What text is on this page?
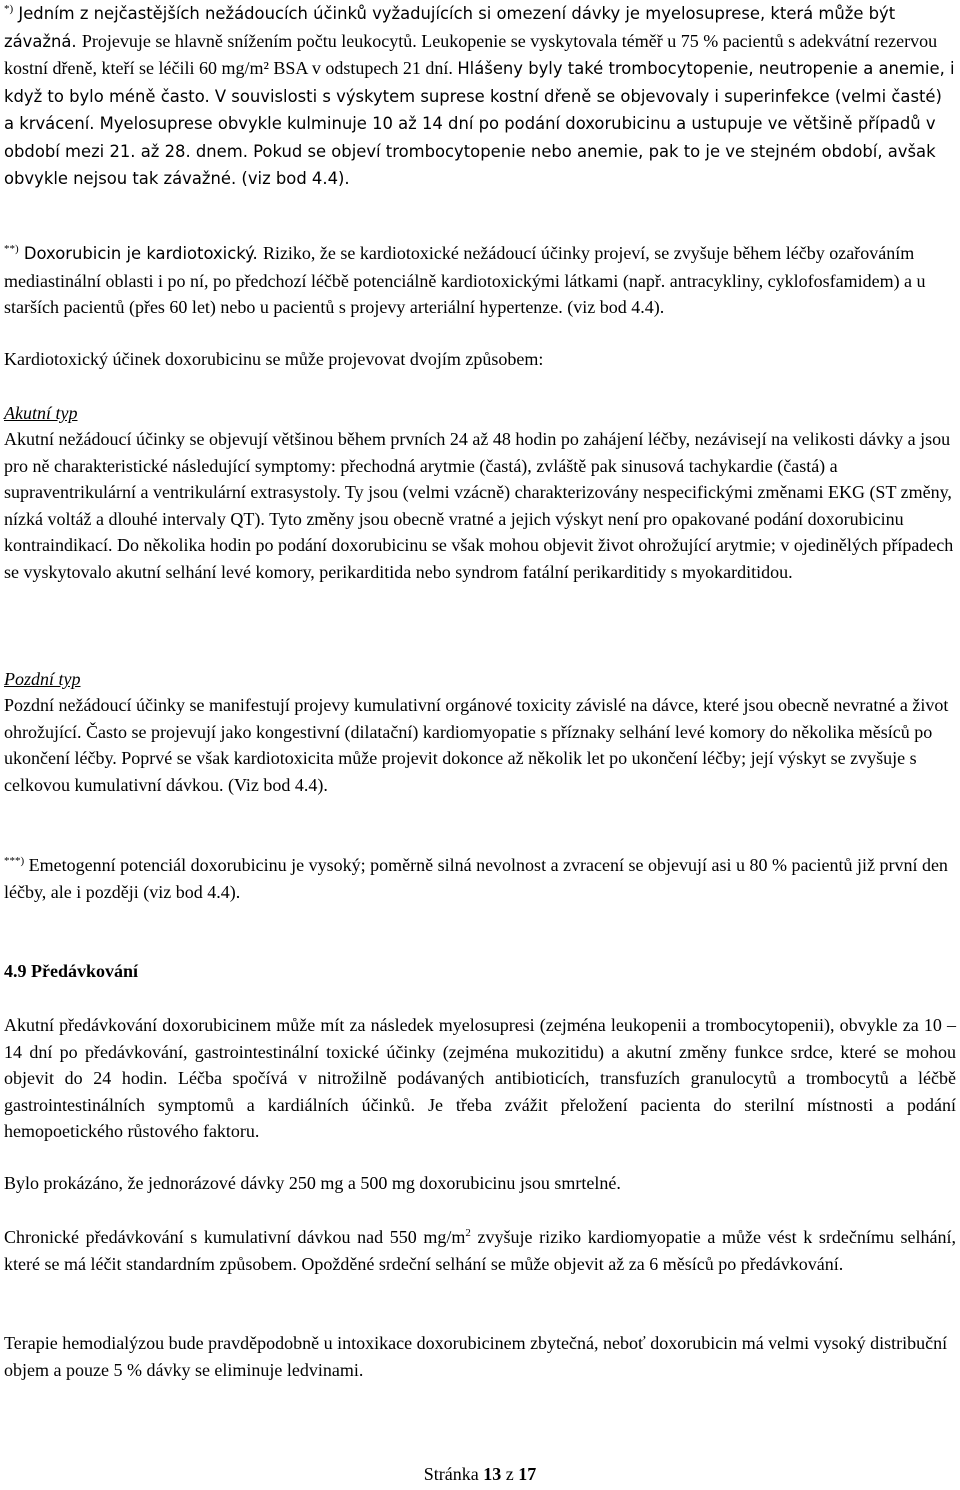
*) Jedním z nejčastějších nežádoucích účinků vyžadujících si omezení dávky je myelosuprese, která může být závažná. Projevuje se hlavně snížením počtu leukocytů. Leukopenie se vyskytovala téměř u 75 % pacientů s adekvátní rezervou kostní dřeně, kteří se léčili 60 mg/m² BSA v odstupech 21 dní. Hlášeny byly také trombocytopenie, neutropenie a anemie, i když to bylo méně často. V souvislosti s výskytem suprese kostní dřeně se objevovaly i superinfekce (velmi časté) a krvácení. Myelosuprese obvykle kulminuje 10 až 14 dní po podání doxorubicinu a ustupuje ve většině případů v období mezi 21. až 28. dnem. Pokud se objeví trombocytopenie nebo anemie, pak to je ve stejném období, avšak obvykle nejsou tak závažné. (viz bod 4.4).

**) Doxorubicin je kardiotoxický. Riziko, že se kardiotoxické nežádoucí účinky projeví, se zvyšuje během léčby ozařováním mediastinální oblasti i po ní, po předchozí léčbě potenciálně kardiotoxickými látkami (např. antracykliny, cyklofosfamidem) a u starších pacientů (přes 60 let) nebo u pacientů s projevy arteriální hypertenze. (viz bod 4.4).

Kardiotoxický účinek doxorubicinu se může projevovat dvojím způsobem:

Akutní typ

Akutní nežádoucí účinky se objevují většinou během prvních 24 až 48 hodin po zahájení léčby, nezávisejí na velikosti dávky a jsou pro ně charakteristické následující symptomy: přechodná arytmie (častá), zvláště pak sinusová tachykardie (častá) a supraventrikulární a ventrikulární extrasystoly. Ty jsou (velmi vzácně) charakterizovány nespecifickými změnami EKG (ST změny, nízká voltáž a dlouhé intervaly QT). Tyto změny jsou obecně vratné a jejich výskyt není pro opakované podání doxorubicinu kontraindikací. Do několika hodin po podání doxorubicinu se však mohou objevit život ohrožující arytmie; v ojedinělých případech se vyskytovalo akutní selhání levé komory, perikarditida nebo syndrom fatální perikarditidy s myokarditidou.

Pozdní typ

Pozdní nežádoucí účinky se manifestují projevy kumulativní orgánové toxicity závislé na dávce, které jsou obecně nevratné a život ohrožující. Často se projevují jako kongestivní (dilatační) kardiomyopatie s příznaky selhání levé komory do několika měsíců po ukončení léčby. Poprvé se však kardiotoxicita může projevit dokonce až několik let po ukončení léčby; její výskyt se zvyšuje s celkovou kumulativní dávkou. (Viz bod 4.4).

***) Emetogenní potenciál doxorubicinu je vysoký; poměrně silná nevolnost a zvracení se objevují asi u 80 % pacientů již první den léčby, ale i později (viz bod 4.4).

4.9 Předávkování

Akutní předávkování doxorubicinem může mít za následek myelosupresi (zejména leukopenii a trombocytopenii), obvykle za 10 – 14 dní po předávkování, gastrointestinální toxické účinky (zejména mukozitidu) a akutní změny funkce srdce, které se mohou objevit do 24 hodin. Léčba spočívá v nitrožilně podávaných antibioticích, transfuzích granulocytů a trombocytů a léčbě gastrointestinálních symptomů a kardiálních účinků. Je třeba zvážit přeložení pacienta do sterilní místnosti a podání hemopoetického růstového faktoru.

Bylo prokázáno, že jednorázové dávky 250 mg a 500 mg doxorubicinu jsou smrtelné.

Chronické předávkování s kumulativní dávkou nad 550 $mg/m^2$ zvyšuje riziko kardiomyopatie a může vést k srdečnímu selhání, které se má léčit standardním způsobem. Opožděné srdeční selhání se může objevit až za 6 měsíců po předávkování.

Terapie hemodialýzou bude pravděpodobně u intoxikace doxorubicinem zbytečná, neboť doxorubicin má velmi vysoký distribuční objem a pouze 5 % dávky se eliminuje ledvinami.

Stránka 13 z 17
